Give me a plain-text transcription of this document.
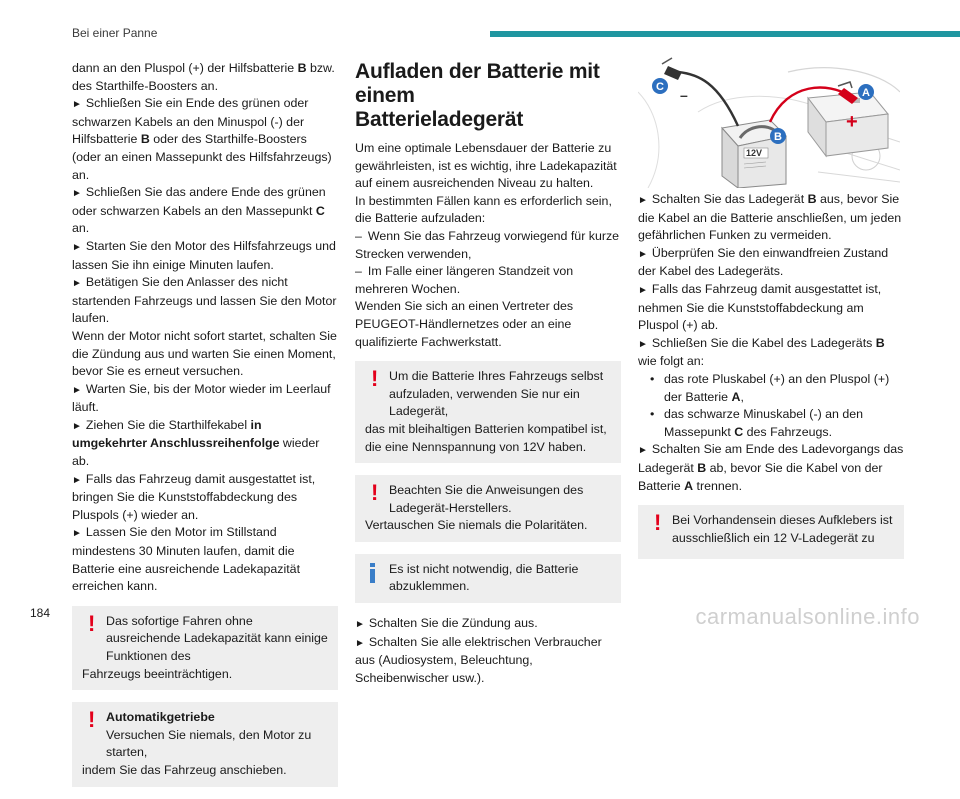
Bei einer Panne

dann an den Pluspol (+) der Hilfsbatterie B bzw. des Starthilfe-Boosters an.

► Schließen Sie ein Ende des grünen oder schwarzen Kabels an den Minuspol (-) der Hilfsbatterie B oder des Starthilfe-Boosters (oder an einen Massepunkt des Hilfsfahrzeugs) an.

► Schließen Sie das andere Ende des grünen oder schwarzen Kabels an den Massepunkt C an.

► Starten Sie den Motor des Hilfsfahrzeugs und lassen Sie ihn einige Minuten laufen.

► Betätigen Sie den Anlasser des nicht startenden Fahrzeugs und lassen Sie den Motor laufen.

Wenn der Motor nicht sofort startet, schalten Sie die Zündung aus und warten Sie einen Moment, bevor Sie es erneut versuchen.

► Warten Sie, bis der Motor wieder im Leerlauf läuft.

► Ziehen Sie die Starthilfekabel in umgekehrter Anschlussreihenfolge wieder ab.

► Falls das Fahrzeug damit ausgestattet ist, bringen Sie die Kunststoffabdeckung des Pluspols (+) wieder an.

► Lassen Sie den Motor im Stillstand mindestens 30 Minuten laufen, damit die Batterie eine ausreichende Ladekapazität erreichen kann.

! Das sofortige Fahren ohne ausreichende Ladekapazität kann einige Funktionen des
Fahrzeugs beeinträchtigen.
! Automatikgetriebe
Versuchen Sie niemals, den Motor zu starten,
indem Sie das Fahrzeug anschieben.
Aufladen der Batterie mit einem
Batterieladegerät

Um eine optimale Lebensdauer der Batterie zu gewährleisten, ist es wichtig, ihre Ladekapazität auf einem ausreichenden Niveau zu halten.

In bestimmten Fällen kann es erforderlich sein, die Batterie aufzuladen:

– Wenn Sie das Fahrzeug vorwiegend für kurze Strecken verwenden,

– Im Falle einer längeren Standzeit von mehreren Wochen.

Wenden Sie sich an einen Vertreter des PEUGEOT-Händlernetzes oder an eine qualifizierte Fachwerkstatt.

! Um die Batterie Ihres Fahrzeugs selbst aufzuladen, verwenden Sie nur ein Ladegerät,
das mit bleihaltigen Batterien kompatibel ist, die eine Nennspannung von 12V haben.
! Beachten Sie die Anweisungen des Ladegerät-Herstellers.
Vertauschen Sie niemals die Polaritäten.
Es ist nicht notwendig, die Batterie abzuklemmen.

► Schalten Sie die Zündung aus.

► Schalten Sie alle elektrischen Verbraucher aus (Audiosystem, Beleuchtung, Scheibenwischer usw.).

12V
+
–	A
B
C

► Schalten Sie das Ladegerät B aus, bevor Sie die Kabel an die Batterie anschließen, um jeden gefährlichen Funken zu vermeiden.

► Überprüfen Sie den einwandfreien Zustand der Kabel des Ladegeräts.

► Falls das Fahrzeug damit ausgestattet ist, nehmen Sie die Kunststoffabdeckung am Pluspol (+) ab.

► Schließen Sie die Kabel des Ladegeräts B wie folgt an:

• das rote Pluskabel (+) an den Pluspol (+) der Batterie A,

• das schwarze Minuskabel (-) an den Massepunkt C des Fahrzeugs.

► Schalten Sie am Ende des Ladevorgangs das Ladegerät B ab, bevor Sie die Kabel von der Batterie A trennen.

! Bei Vorhandensein dieses Aufklebers ist ausschließlich ein 12 V-Ladegerät zu
184	carmanualsonline.info
